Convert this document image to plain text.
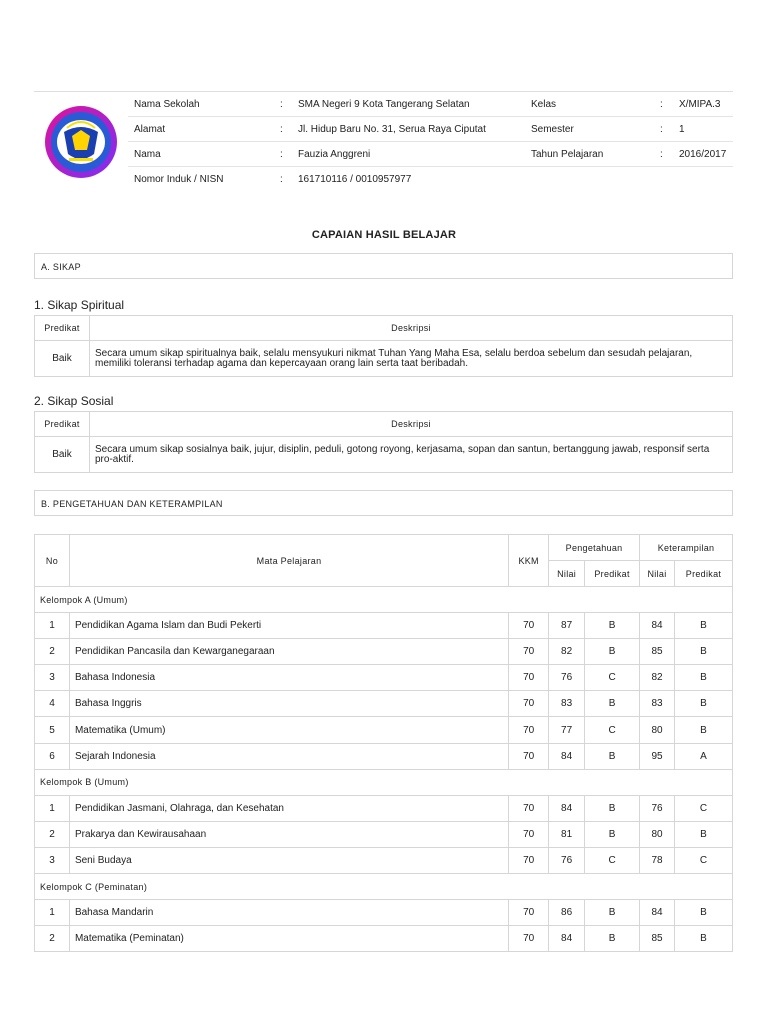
Nama Sekolah	: SMA Negeri 9 Kota Tangerang Selatan	Kelas	: X/MIPA.3
Alamat	: Jl. Hidup Baru No. 31, Serua Raya Ciputat	Semester	: 1
Nama	: Fauzia Anggreni	Tahun Pelajaran	: 2016/2017
Nomor Induk / NISN	: 161710116 / 0010957977
CAPAIAN HASIL BELAJAR
A. SIKAP
1. Sikap Spiritual
Predikat	Deskripsi
Baik	Secara umum sikap spiritualnya baik, selalu mensyukuri nikmat Tuhan Yang Maha Esa, selalu berdoa sebelum dan sesudah pelajaran, memiliki toleransi terhadap agama dan kepercayaan orang lain serta taat beribadah.
2. Sikap Sosial
Predikat	Deskripsi
Baik	Secara umum sikap sosialnya baik, jujur, disiplin, peduli, gotong royong, kerjasama, sopan dan santun, bertanggung jawab, responsif serta pro-aktif.
B. PENGETAHUAN DAN KETERAMPILAN
No	Mata Pelajaran	KKM	Pengetahuan		Keterampilan	
			Nilai	Predikat	Nilai	Predikat
Kelompok A (Umum)						
1	Pendidikan Agama Islam dan Budi Pekerti	70	87	B	84	B
2	Pendidikan Pancasila dan Kewarganegaraan	70	82	B	85	B
3	Bahasa Indonesia	70	76	C	82	B
4	Bahasa Inggris	70	83	B	83	B
5	Matematika (Umum)	70	77	C	80	B
6	Sejarah Indonesia	70	84	B	95	A
Kelompok B (Umum)						
1	Pendidikan Jasmani, Olahraga, dan Kesehatan	70	84	B	76	C
2	Prakarya dan Kewirausahaan	70	81	B	80	B
3	Seni Budaya	70	76	C	78	C
Kelompok C (Peminatan)						
1	Bahasa Mandarin	70	86	B	84	B
2	Matematika (Peminatan)	70	84	B	85	B
